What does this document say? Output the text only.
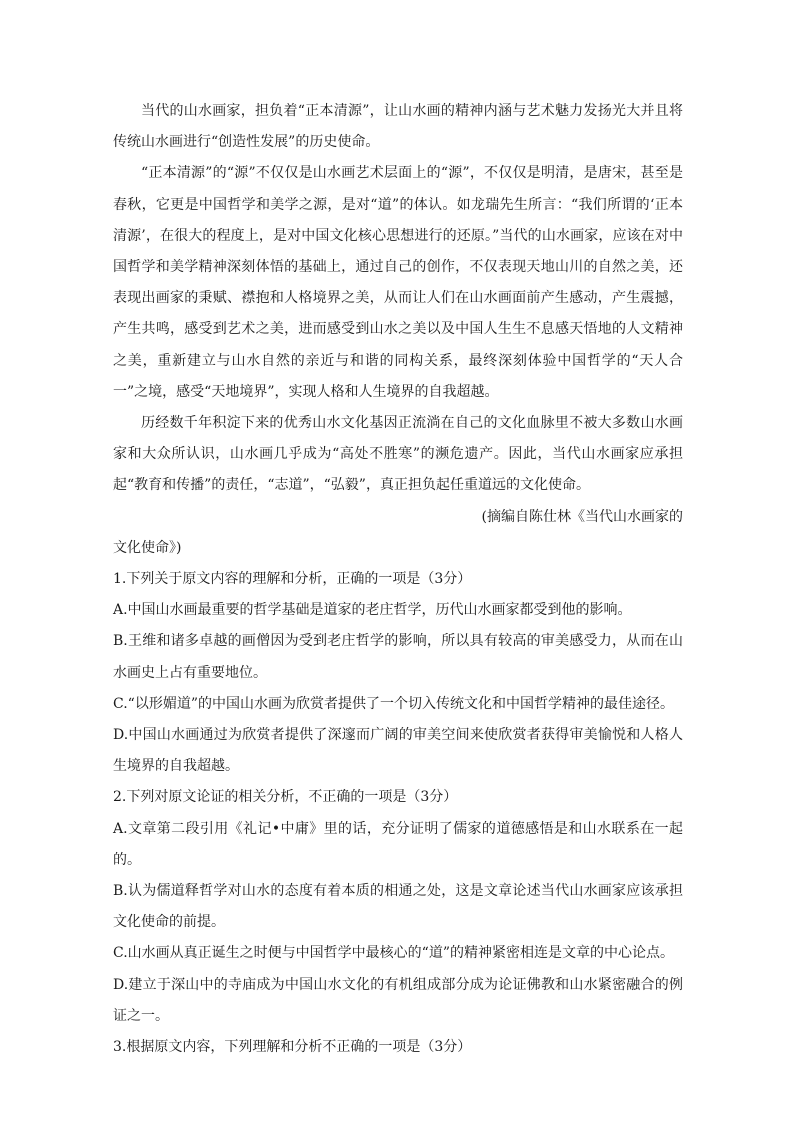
当代的山水画家，担负着“正本清源”，让山水画的精神内涵与艺术魅力发扬光大并且将传统山水画进行“创造性发展”的历史使命。

“正本清源”的“源”不仅仅是山水画艺术层面上的“源”，不仅仅是明清，是唐宋，甚至是春秋，它更是中国哲学和美学之源，是对“道”的体认。如龙瑞先生所言：“我们所谓的‘正本清源’，在很大的程度上，是对中国文化核心思想进行的还原。”当代的山水画家，应该在对中国哲学和美学精神深刻体悟的基础上，通过自己的创作，不仅表现天地山川的自然之美，还表现出画家的秉赋、襟抱和人格境界之美，从而让人们在山水画面前产生感动，产生震撼，产生共鸣，感受到艺术之美，进而感受到山水之美以及中国人生生不息感天悟地的人文精神之美，重新建立与山水自然的亲近与和谐的同构关系，最终深刻体验中国哲学的“天人合一”之境，感受“天地境界”，实现人格和人生境界的自我超越。

历经数千年积淀下来的优秀山水文化基因正流淌在自己的文化血脉里不被大多数山水画家和大众所认识，山水画几乎成为“高处不胜寒”的濒危遗产。因此，当代山水画家应承担起“教育和传播”的责任，“志道”，“弘毅”，真正担负起任重道远的文化使命。

(摘编自陈仕林《当代山水画家的

文化使命》)

1.下列关于原文内容的理解和分析，正确的一项是（3分）

A.中国山水画最重要的哲学基础是道家的老庄哲学，历代山水画家都受到他的影响。

B.王维和诸多卓越的画僧因为受到老庄哲学的影响，所以具有较高的审美感受力，从而在山水画史上占有重要地位。

C.“以形媚道”的中国山水画为欣赏者提供了一个切入传统文化和中国哲学精神的最佳途径。

D.中国山水画通过为欣赏者提供了深邃而广阔的审美空间来使欣赏者获得审美愉悦和人格人生境界的自我超越。

2.下列对原文论证的相关分析，不正确的一项是（3分）

A.文章第二段引用《礼记•中庸》里的话，充分证明了儒家的道德感悟是和山水联系在一起的。

B.认为儒道释哲学对山水的态度有着本质的相通之处，这是文章论述当代山水画家应该承担文化使命的前提。

C.山水画从真正诞生之时便与中国哲学中最核心的“道”的精神紧密相连是文章的中心论点。

D.建立于深山中的寺庙成为中国山水文化的有机组成部分成为论证佛教和山水紧密融合的例证之一。

3.根据原文内容，下列理解和分析不正确的一项是（3分）
